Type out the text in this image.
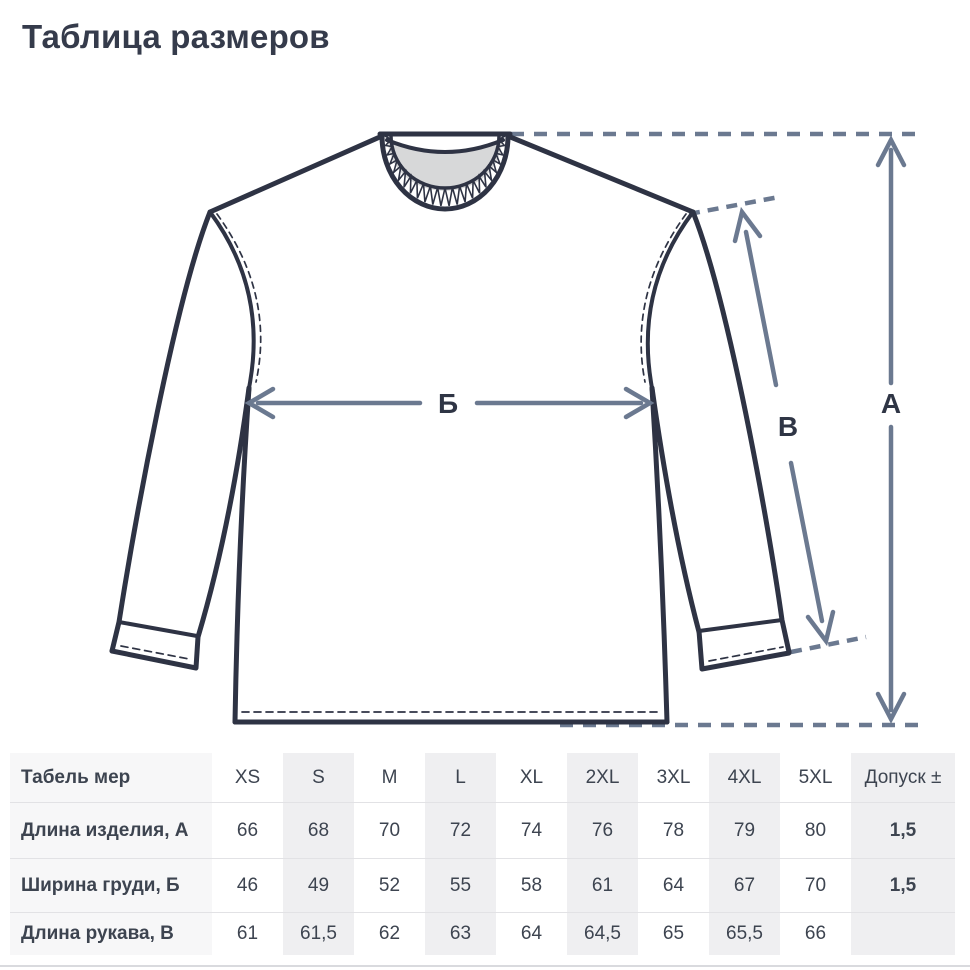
Таблица размеров
А
Б
В
Табель мер	XS	S	M	L	XL	2XL	3XL	4XL	5XL	Допуск ±
Длина изделия, А	66	68	70	72	74	76	78	79	80	1,5
Ширина груди, Б	46	49	52	55	58	61	64	67	70	1,5
Длина рукава, В	61	61,5	62	63	64	64,5	65	65,5	66
